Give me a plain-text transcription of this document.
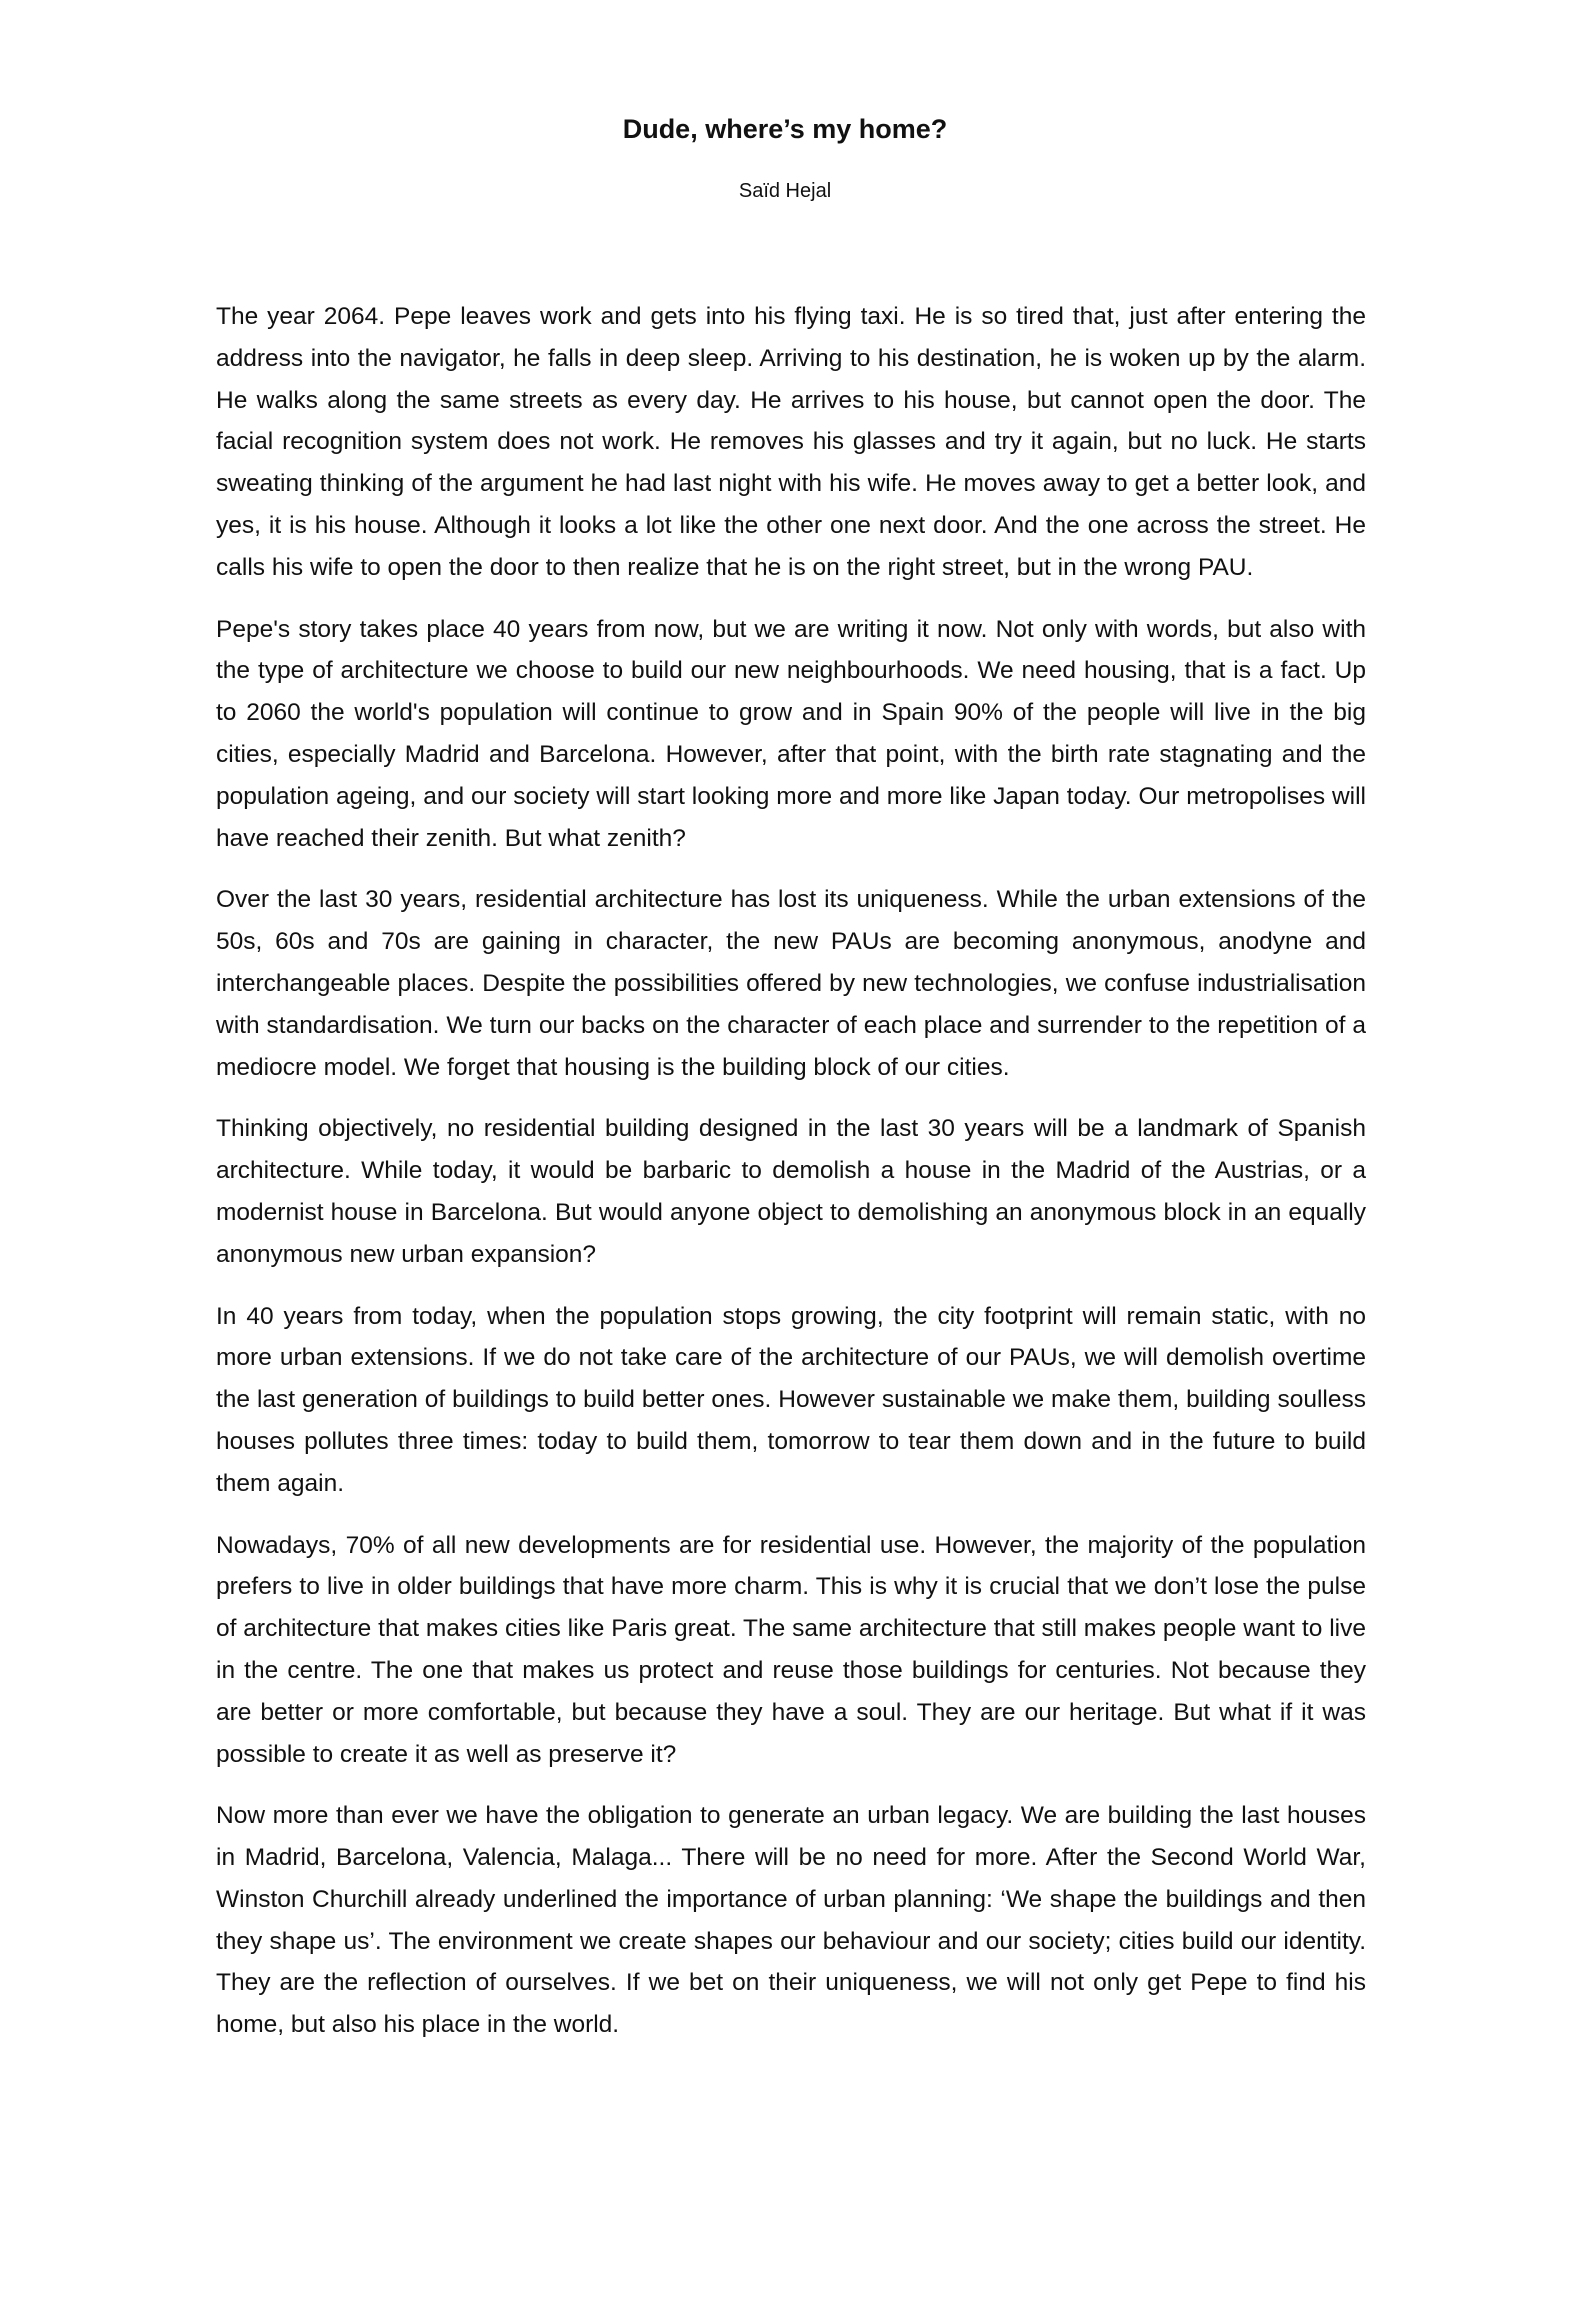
Dude, where’s my home?

Saïd Hejal

The year 2064. Pepe leaves work and gets into his flying taxi. He is so tired that, just after entering the address into the navigator, he falls in deep sleep. Arriving to his destination, he is woken up by the alarm. He walks along the same streets as every day. He arrives to his house, but cannot open the door. The facial recognition system does not work. He removes his glasses and try it again, but no luck. He starts sweating thinking of the argument he had last night with his wife. He moves away to get a better look, and yes, it is his house. Although it looks a lot like the other one next door. And the one across the street. He calls his wife to open the door to then realize that he is on the right street, but in the wrong PAU.

Pepe's story takes place 40 years from now, but we are writing it now. Not only with words, but also with the type of architecture we choose to build our new neighbourhoods. We need housing, that is a fact. Up to 2060 the world's population will continue to grow and in Spain 90% of the people will live in the big cities, especially Madrid and Barcelona. However, after that point, with the birth rate stagnating and the population ageing, and our society will start looking more and more like Japan today. Our metropolises will have reached their zenith. But what zenith?

Over the last 30 years, residential architecture has lost its uniqueness. While the urban extensions of the 50s, 60s and 70s are gaining in character, the new PAUs are becoming anonymous, anodyne and interchangeable places. Despite the possibilities offered by new technologies, we confuse industrialisation with standardisation. We turn our backs on the character of each place and surrender to the repetition of a mediocre model. We forget that housing is the building block of our cities.

Thinking objectively, no residential building designed in the last 30 years will be a landmark of Spanish architecture. While today, it would be barbaric to demolish a house in the Madrid of the Austrias, or a modernist house in Barcelona. But would anyone object to demolishing an anonymous block in an equally anonymous new urban expansion?

In 40 years from today, when the population stops growing, the city footprint will remain static, with no more urban extensions. If we do not take care of the architecture of our PAUs, we will demolish overtime the last generation of buildings to build better ones. However sustainable we make them, building soulless houses pollutes three times: today to build them, tomorrow to tear them down and in the future to build them again.

Nowadays, 70% of all new developments are for residential use. However, the majority of the population prefers to live in older buildings that have more charm. This is why it is crucial that we don’t lose the pulse of architecture that makes cities like Paris great. The same architecture that still makes people want to live in the centre. The one that makes us protect and reuse those buildings for centuries. Not because they are better or more comfortable, but because they have a soul. They are our heritage. But what if it was possible to create it as well as preserve it?

Now more than ever we have the obligation to generate an urban legacy. We are building the last houses in Madrid, Barcelona, Valencia, Malaga... There will be no need for more. After the Second World War, Winston Churchill already underlined the importance of urban planning: ‘We shape the buildings and then they shape us’. The environment we create shapes our behaviour and our society; cities build our identity. They are the reflection of ourselves. If we bet on their uniqueness, we will not only get Pepe to find his home, but also his place in the world.
